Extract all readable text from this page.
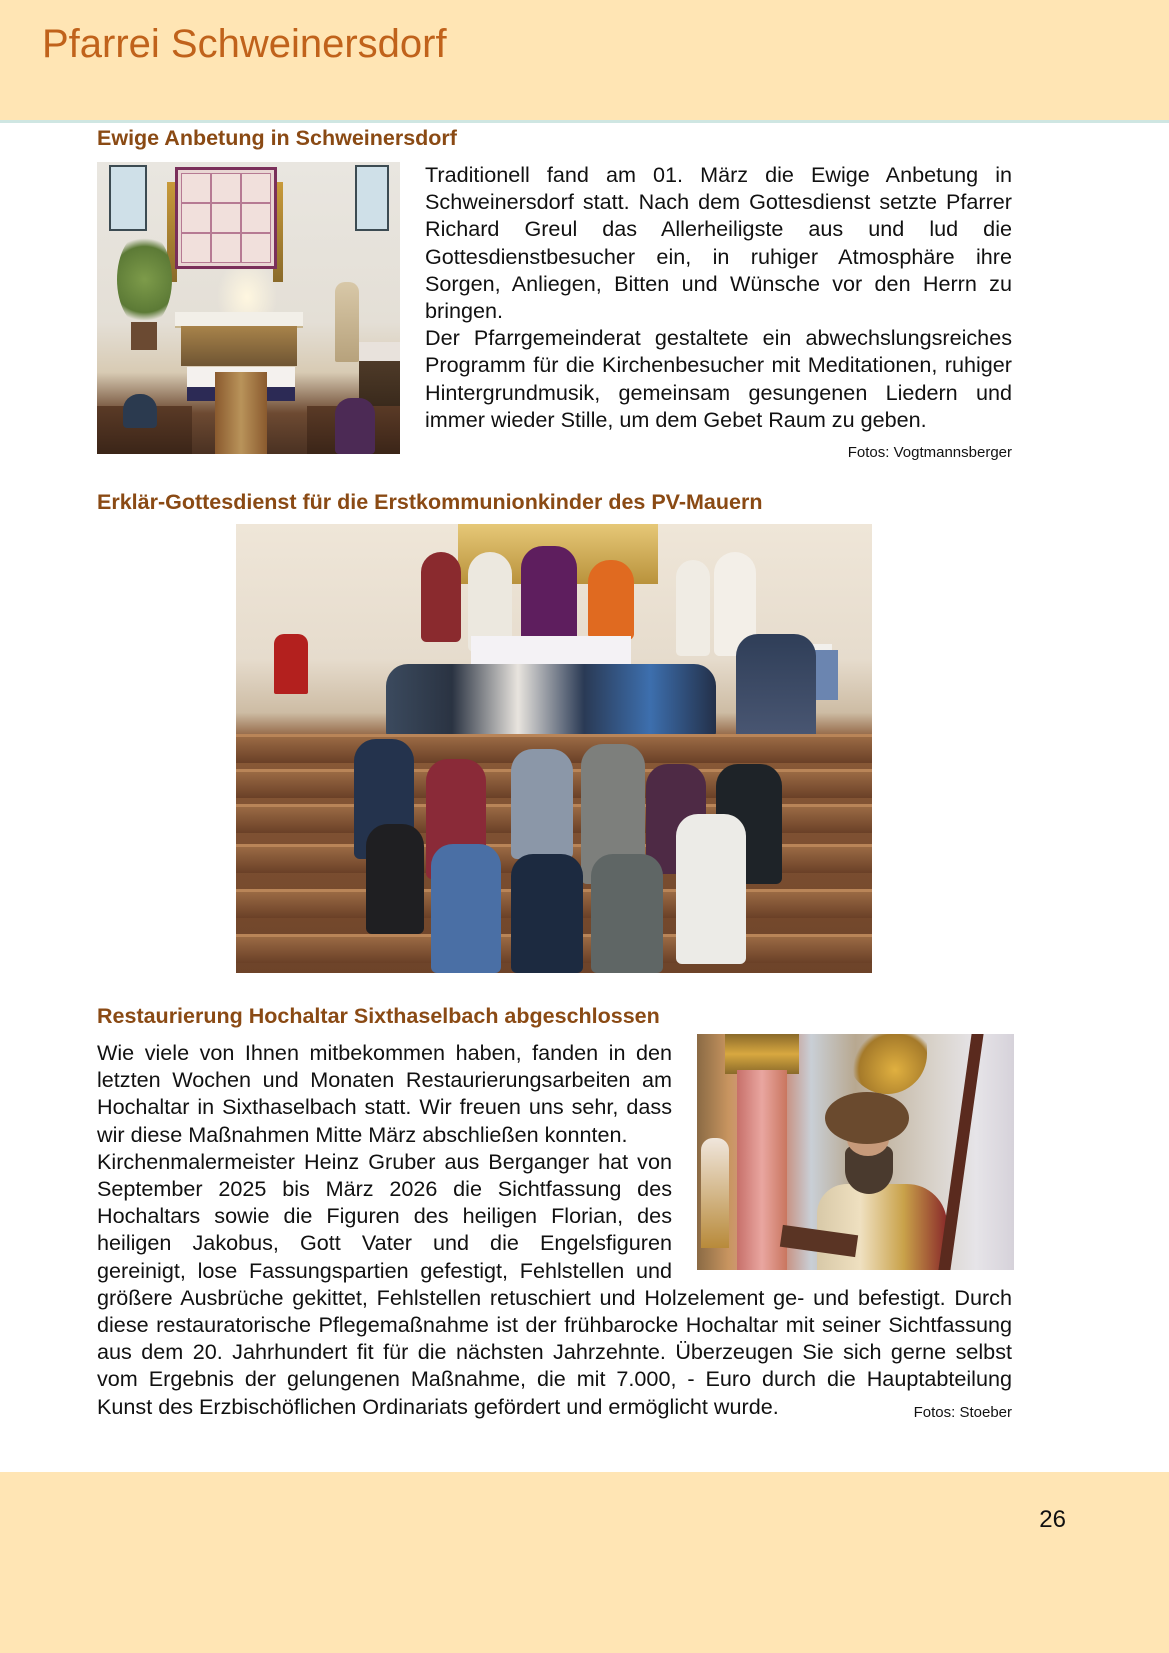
Pfarrei Schweinersdorf
Ewige Anbetung in Schweinersdorf

Traditionell fand am 01. März die Ewige Anbetung in Schweinersdorf statt. Nach dem Gottesdienst setzte Pfarrer Richard Greul das Allerheiligste aus und lud die Gottesdienstbesucher ein, in ruhiger Atmosphäre ihre Sorgen, Anliegen, Bitten und Wünsche vor den Herrn zu bringen.

Der Pfarrgemeinderat gestaltete ein abwechslungsreiches Programm für die Kirchenbesucher mit Meditationen, ruhiger Hintergrundmusik, gemeinsam gesungenen Liedern und immer wieder Stille, um dem Gebet Raum zu geben.
Fotos: Vogtmannsberger

Erklär-Gottesdienst für die Erstkommunionkinder des PV-Mauern
Restaurierung Hochaltar Sixthaselbach abgeschlossen

Wie viele von Ihnen mitbekommen haben, fanden in den letzten Wochen und Monaten Restaurierungsarbeiten am Hochaltar in Sixthaselbach statt. Wir freuen uns sehr, dass wir diese Maßnahmen Mitte März abschließen konnten.

Kirchenmalermeister Heinz Gruber aus Berganger hat von September 2025 bis März 2026 die Sichtfassung des Hochaltars sowie die Figuren des heiligen Florian, des heiligen Jakobus, Gott Vater und die Engelsfiguren gereinigt, lose Fassungspartien gefestigt, Fehlstellen und größere Ausbrüche gekittet, Fehlstellen retuschiert und Holzelement ge- und befestigt. Durch diese restauratorische Pflegemaßnahme ist der frühbarocke Hochaltar mit seiner Sichtfassung aus dem 20. Jahrhundert fit für die nächsten Jahrzehnte. Überzeugen Sie sich gerne selbst vom Ergebnis der gelungenen Maßnahme, die mit 7.000, - Euro durch die Hauptabteilung Kunst des Erzbischöflichen Ordinariats gefördert und ermöglicht wurde.	Fotos: Stoeber

26
